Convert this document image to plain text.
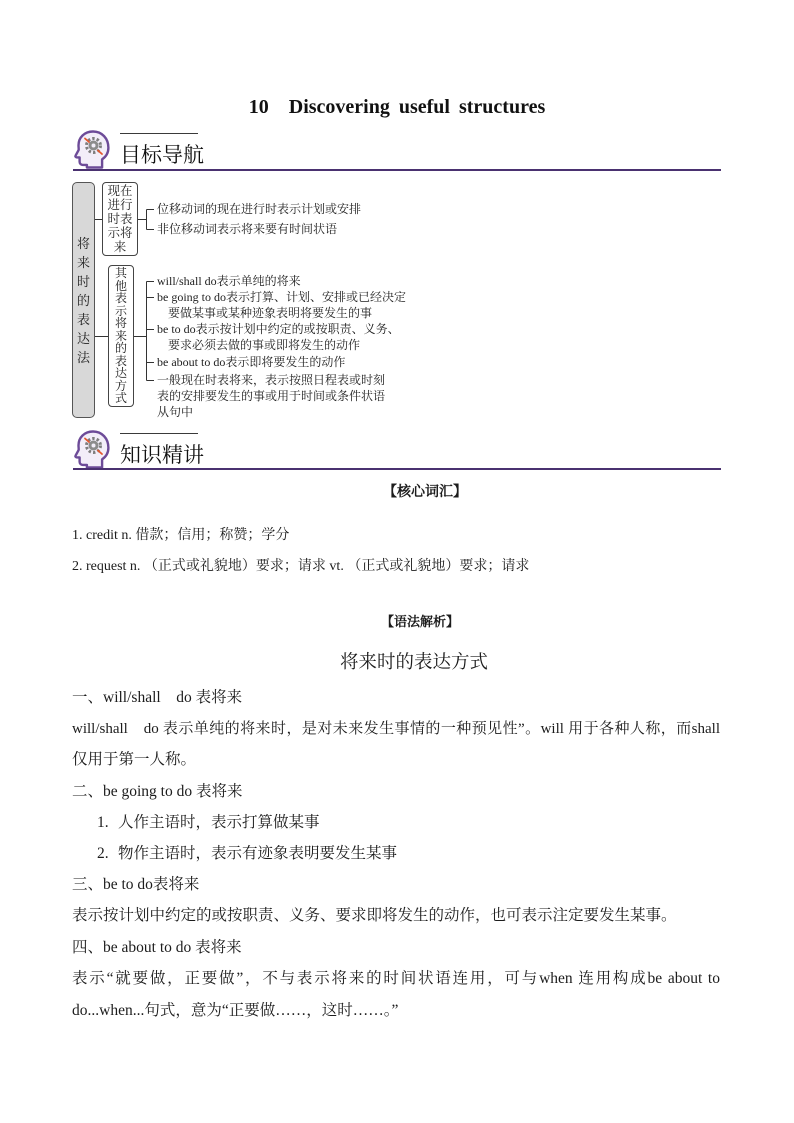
10　Discovering useful structures
目标导航
将来时的表达法
现在进行时表示将来
位移动词的现在进行时表示计划或安排
非位移动词表示将来要有时间状语
其他表示将来的表达方式
will/shall do表示单纯的将来
be going to do表示打算、计划、安排或已经决定
要做某事或某种迹象表明将要发生的事
be to do表示按计划中约定的或按职责、义务、
要求必须去做的事或即将发生的动作
be about to do表示即将要发生的动作
一般现在时表将来，表示按照日程表或时刻
表的安排要发生的事或用于时间或条件状语
从句中
知识精讲
【核心词汇】
1. credit n. 借款；信用；称赞；学分
2. request n. （正式或礼貌地）要求；请求 vt. （正式或礼貌地）要求；请求
【语法解析】
将来时的表达方式
一、will/shall　do 表将来
will/shall　do 表示单纯的将来时，是对未来发生事情的一种预见性”。will 用于各种人称，而shall
仅用于第一人称。
二、be going to do 表将来
1. 人作主语时，表示打算做某事
2. 物作主语时，表示有迹象表明要发生某事
三、be to do表将来
表示按计划中约定的或按职责、义务、要求即将发生的动作，也可表示注定要发生某事。
四、be about to do 表将来
表示“就要做，正要做”，不与表示将来的时间状语连用，可与when 连用构成be about to
do...when...句式，意为“正要做……，这时……。”
